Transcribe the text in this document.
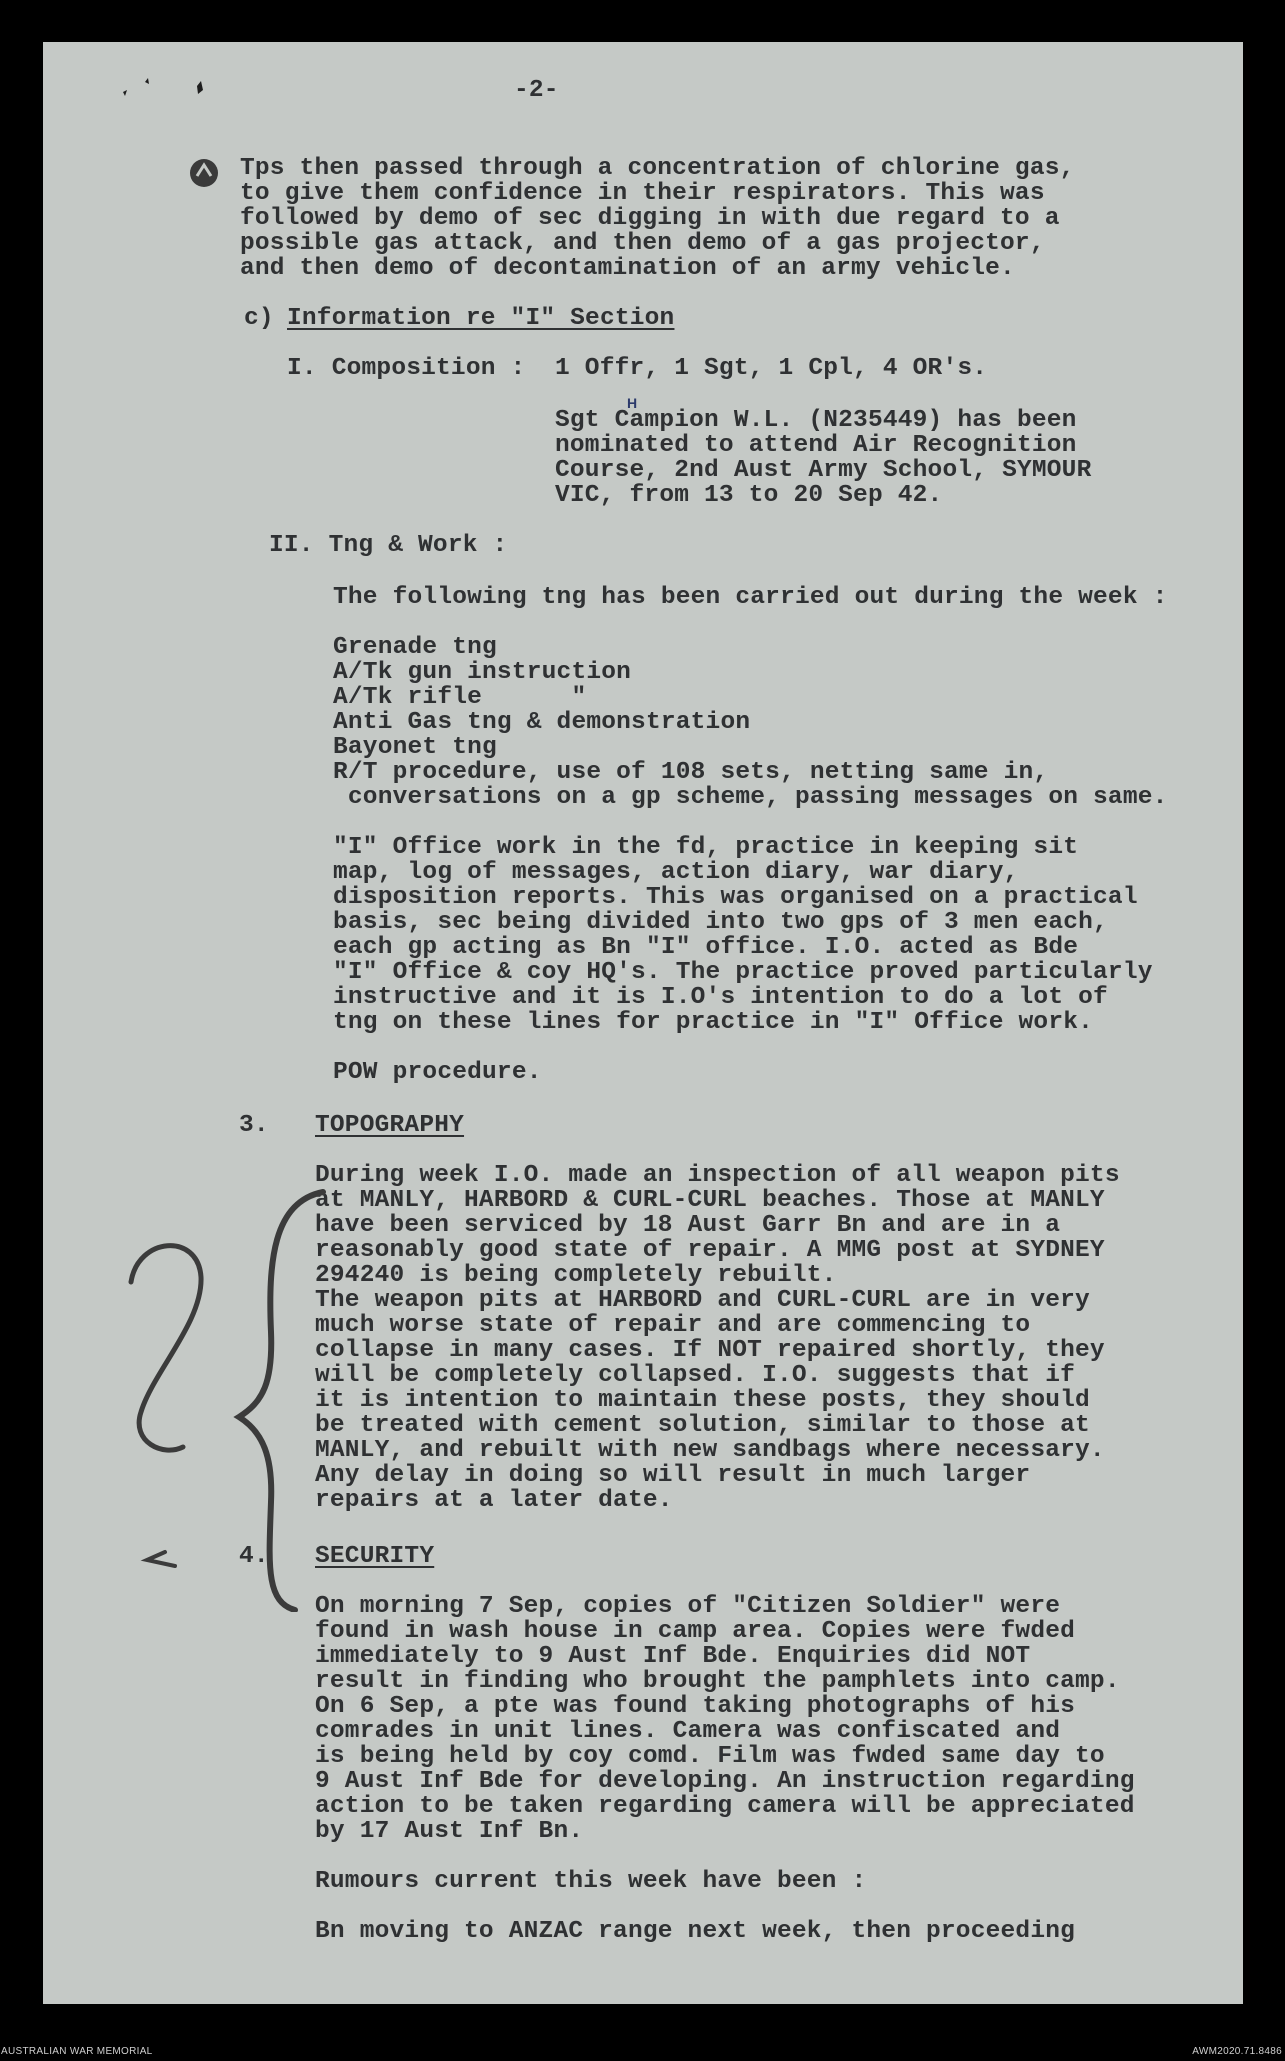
-2-
Tps then passed through a concentration of chlorine gas,
to give them confidence in their respirators. This was
followed by demo of sec digging in with due regard to a
possible gas attack, and then demo of a gas projector,
and then demo of decontamination of an army vehicle.
c) Information re "I" Section
I. Composition : 1 Offr, 1 Sgt, 1 Cpl, 4 OR's.
H
Sgt Campion W.L. (N235449) has been
nominated to attend Air Recognition
Course, 2nd Aust Army School, SYMOUR
VIC, from 13 to 20 Sep 42.
II. Tng & Work :
The following tng has been carried out during the week :
Grenade tng
A/Tk gun instruction
A/Tk rifle      "
Anti Gas tng & demonstration
Bayonet tng
R/T procedure, use of 108 sets, netting same in,
conversations on a gp scheme, passing messages on same.
"I" Office work in the fd, practice in keeping sit
map, log of messages, action diary, war diary,
disposition reports. This was organised on a practical
basis, sec being divided into two gps of 3 men each,
each gp acting as Bn "I" office. I.O. acted as Bde
"I" Office & coy HQ's. The practice proved particularly
instructive and it is I.O's intention to do a lot of
tng on these lines for practice in "I" Office work.
POW procedure.
3. TOPOGRAPHY
During week I.O. made an inspection of all weapon pits
at MANLY, HARBORD & CURL-CURL beaches. Those at MANLY
have been serviced by 18 Aust Garr Bn and are in a
reasonably good state of repair. A MMG post at SYDNEY
294240 is being completely rebuilt.
The weapon pits at HARBORD and CURL-CURL are in very
much worse state of repair and are commencing to
collapse in many cases. If NOT repaired shortly, they
will be completely collapsed. I.O. suggests that if
it is intention to maintain these posts, they should
be treated with cement solution, similar to those at
MANLY, and rebuilt with new sandbags where necessary.
Any delay in doing so will result in much larger
repairs at a later date.
4. SECURITY
On morning 7 Sep, copies of "Citizen Soldier" were
found in wash house in camp area. Copies were fwded
immediately to 9 Aust Inf Bde. Enquiries did NOT
result in finding who brought the pamphlets into camp.
On 6 Sep, a pte was found taking photographs of his
comrades in unit lines. Camera was confiscated and
is being held by coy comd. Film was fwded same day to
9 Aust Inf Bde for developing. An instruction regarding
action to be taken regarding camera will be appreciated
by 17 Aust Inf Bn.
Rumours current this week have been :
Bn moving to ANZAC range next week, then proceeding
AUSTRALIAN WAR MEMORIAL	AWM2020.71.8486
